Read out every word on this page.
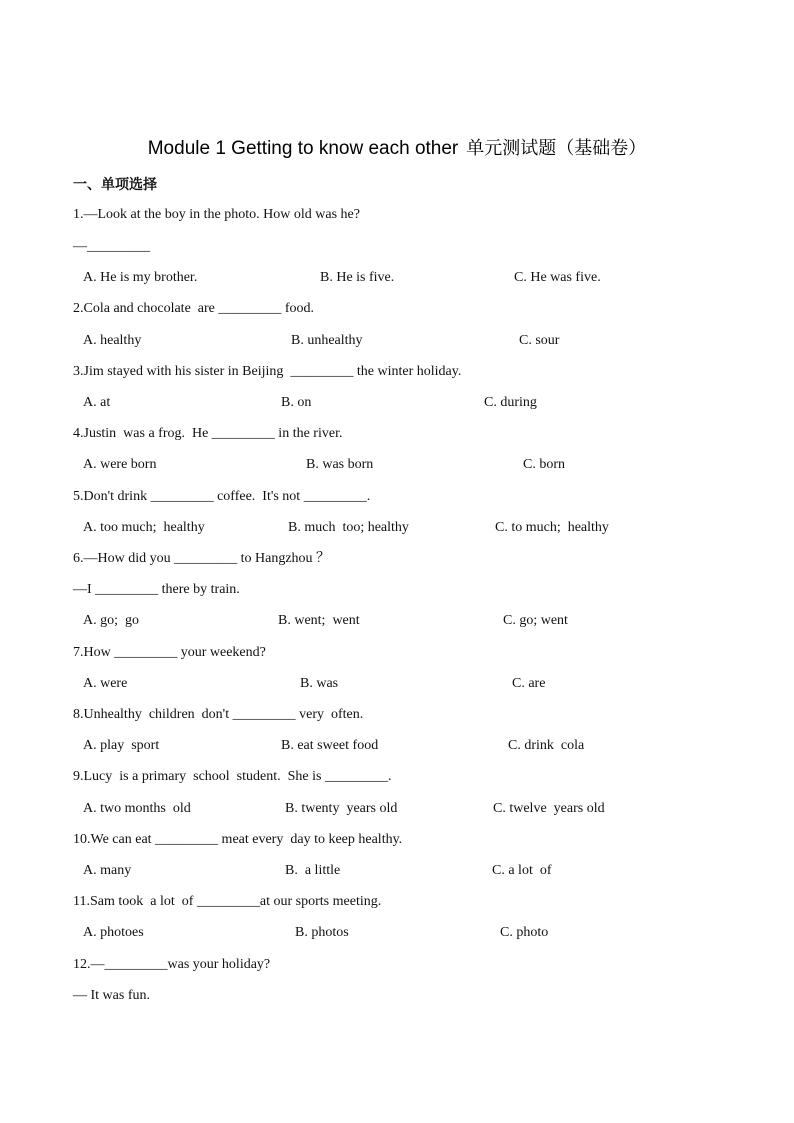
Module 1 Getting to know each other 单元测试题（基础卷）
一、单项选择
1.—Look at the boy in the photo. How old was he?
—_________
A. He is my brother.	B. He is five.	C. He was five.
2.Cola and chocolate  are _________ food.
A. healthy	B. unhealthy	C. sour
3.Jim stayed with his sister in Beijing  _________ the winter holiday.
A. at	B. on	C. during
4.Justin  was a frog.  He _________ in the river.
A. were born	B. was born	C. born
5.Don't drink _________ coffee.  It's not _________.
A. too much;  healthy	B. much  too; healthy	C. to much;  healthy
6.—How did you _________ to Hangzhou ？
—I _________ there by train.
A. go;  go	B. went;  went	C. go; went
7.How _________ your weekend?
A. were	B. was	C. are
8.Unhealthy  children  don't _________ very  often.
A. play  sport	B. eat sweet food	C. drink  cola
9.Lucy  is a primary  school  student.  She is _________.
A. two months  old	B. twenty  years old	C. twelve  years old
10.We can eat _________ meat every  day to keep healthy.
A. many	B.  a little	C. a lot  of
11.Sam took  a lot  of _________at our sports meeting.
A. photoes	B. photos	C. photo
12.—_________was your holiday?
— It was fun.
